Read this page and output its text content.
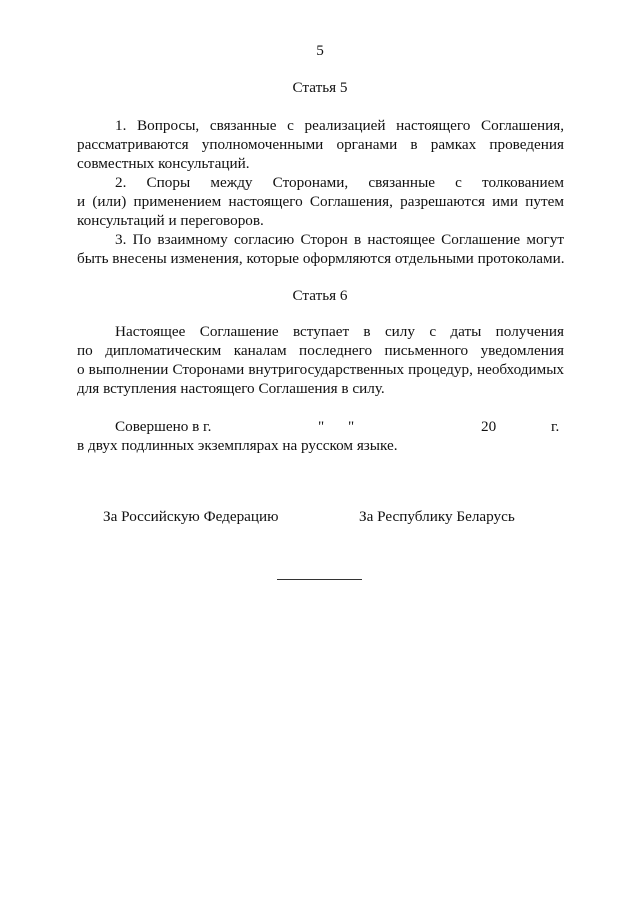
5
Статья 5
1. Вопросы, связанные с реализацией настоящего Соглашения,
рассматриваются уполномоченными органами в рамках проведения
совместных консультаций.
2. Споры между Сторонами, связанные с толкованием
и (или) применением настоящего Соглашения, разрешаются ими путем
консультаций и переговоров.
3. По взаимному согласию Сторон в настоящее Соглашение могут
быть внесены изменения, которые оформляются отдельными протоколами.
Статья 6
Настоящее Соглашение вступает в силу с даты получения
по дипломатическим каналам последнего письменного уведомления
о выполнении Сторонами внутригосударственных процедур, необходимых
для вступления настоящего Соглашения в силу.
Совершено в г.	" "	20	г.
в двух подлинных экземплярах на русском языке.
За Российскую Федерацию	За Республику Беларусь
